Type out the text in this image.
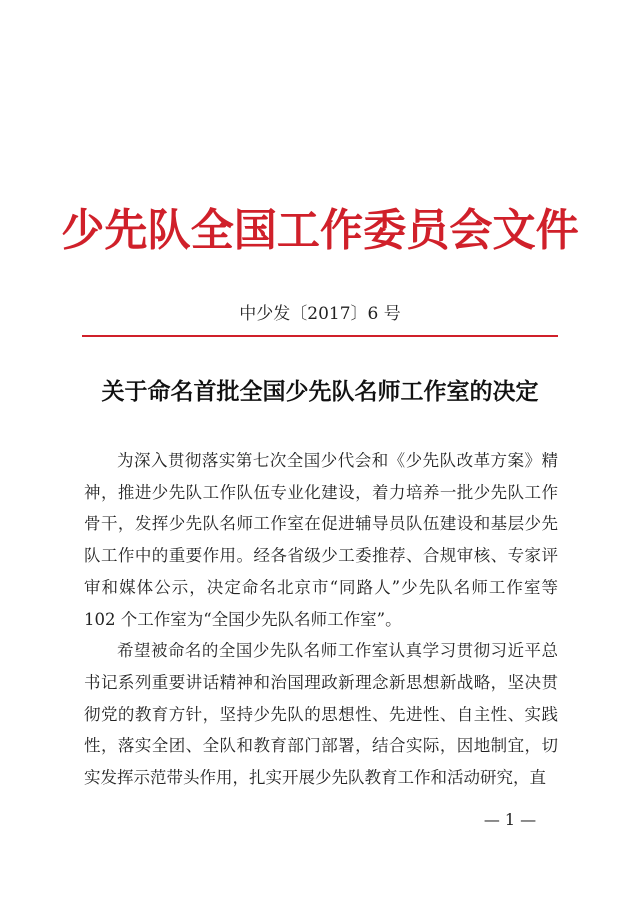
少先队全国工作委员会文件
中少发〔2017〕6 号
关于命名首批全国少先队名师工作室的决定

为深入贯彻落实第七次全国少代会和《少先队改革方案》精神，推进少先队工作队伍专业化建设，着力培养一批少先队工作骨干，发挥少先队名师工作室在促进辅导员队伍建设和基层少先队工作中的重要作用。经各省级少工委推荐、合规审核、专家评审和媒体公示，决定命名北京市“同路人”少先队名师工作室等 102 个工作室为“全国少先队名师工作室”。

希望被命名的全国少先队名师工作室认真学习贯彻习近平总书记系列重要讲话精神和治国理政新理念新思想新战略，坚决贯彻党的教育方针，坚持少先队的思想性、先进性、自主性、实践性，落实全团、全队和教育部门部署，结合实际，因地制宜，切实发挥示范带头作用，扎实开展少先队教育工作和活动研究，直

— 1 —
